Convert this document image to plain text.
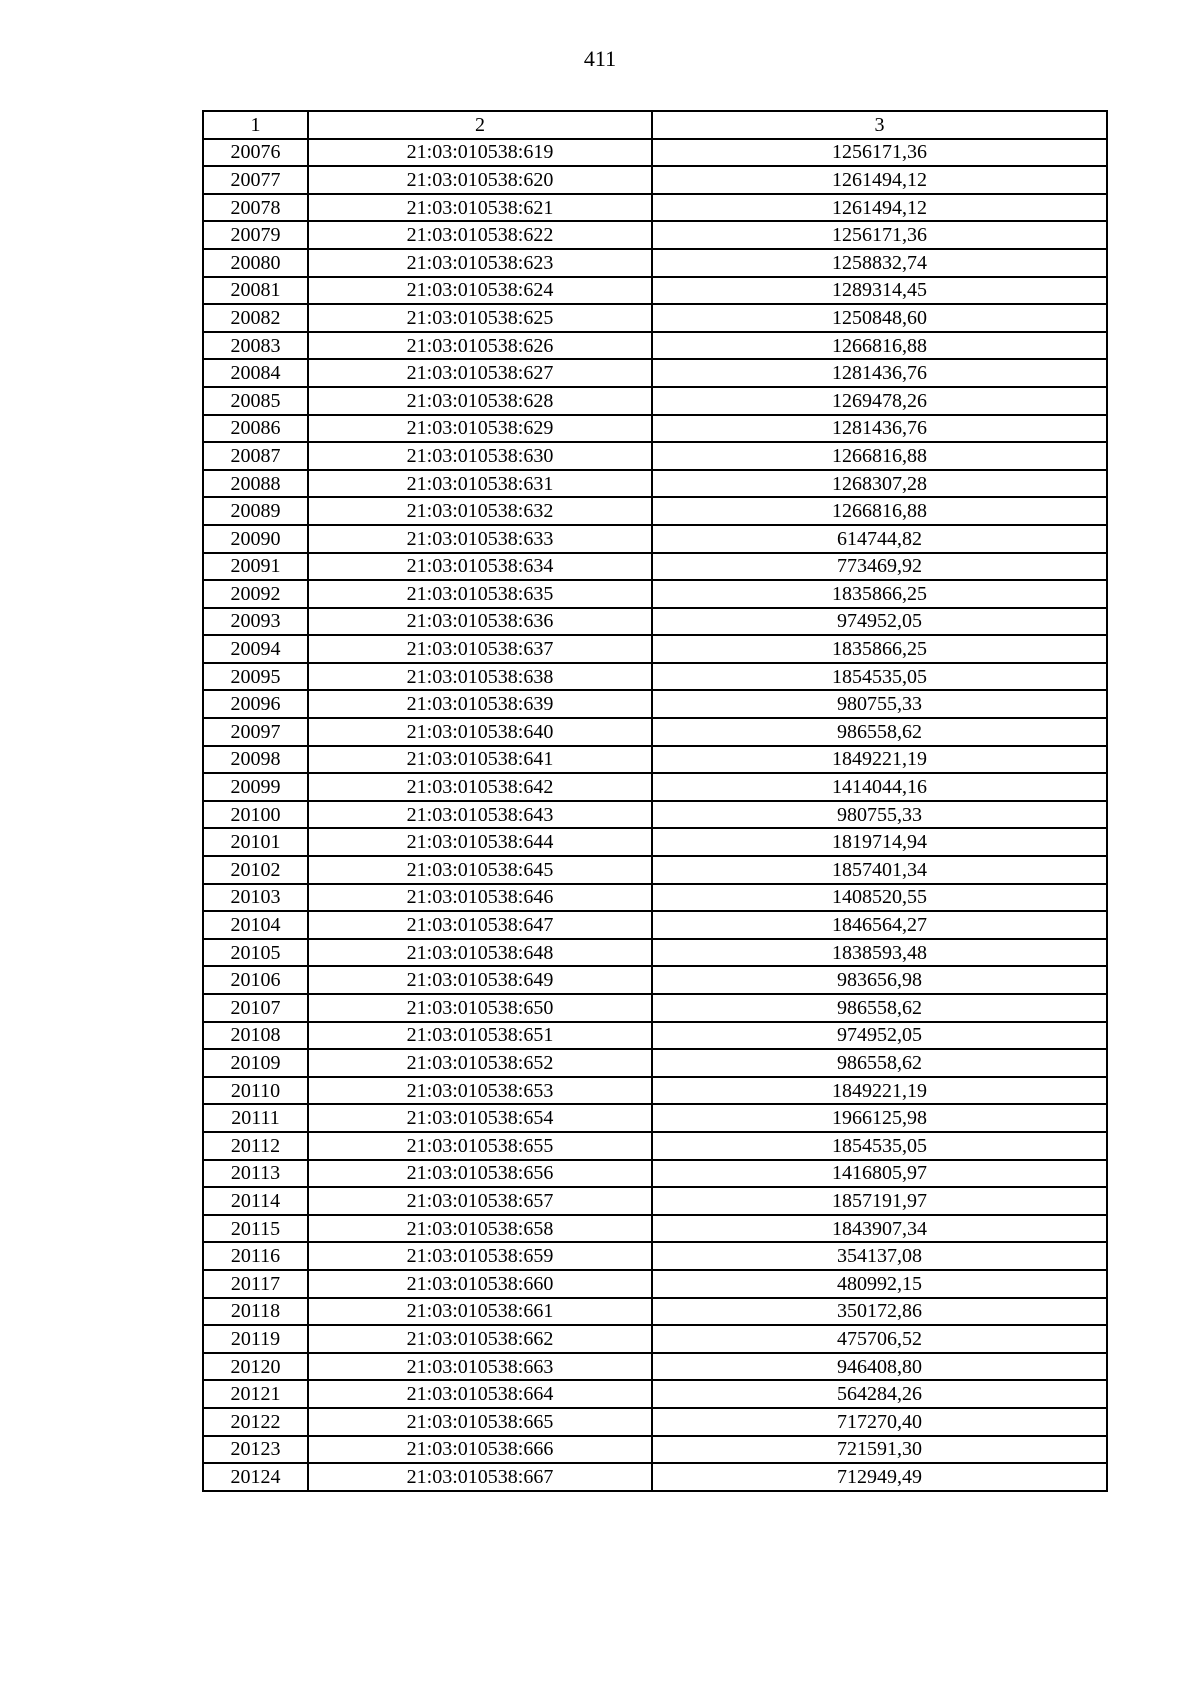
411
1	2	3
20076	21:03:010538:619	1256171,36
20077	21:03:010538:620	1261494,12
20078	21:03:010538:621	1261494,12
20079	21:03:010538:622	1256171,36
20080	21:03:010538:623	1258832,74
20081	21:03:010538:624	1289314,45
20082	21:03:010538:625	1250848,60
20083	21:03:010538:626	1266816,88
20084	21:03:010538:627	1281436,76
20085	21:03:010538:628	1269478,26
20086	21:03:010538:629	1281436,76
20087	21:03:010538:630	1266816,88
20088	21:03:010538:631	1268307,28
20089	21:03:010538:632	1266816,88
20090	21:03:010538:633	614744,82
20091	21:03:010538:634	773469,92
20092	21:03:010538:635	1835866,25
20093	21:03:010538:636	974952,05
20094	21:03:010538:637	1835866,25
20095	21:03:010538:638	1854535,05
20096	21:03:010538:639	980755,33
20097	21:03:010538:640	986558,62
20098	21:03:010538:641	1849221,19
20099	21:03:010538:642	1414044,16
20100	21:03:010538:643	980755,33
20101	21:03:010538:644	1819714,94
20102	21:03:010538:645	1857401,34
20103	21:03:010538:646	1408520,55
20104	21:03:010538:647	1846564,27
20105	21:03:010538:648	1838593,48
20106	21:03:010538:649	983656,98
20107	21:03:010538:650	986558,62
20108	21:03:010538:651	974952,05
20109	21:03:010538:652	986558,62
20110	21:03:010538:653	1849221,19
20111	21:03:010538:654	1966125,98
20112	21:03:010538:655	1854535,05
20113	21:03:010538:656	1416805,97
20114	21:03:010538:657	1857191,97
20115	21:03:010538:658	1843907,34
20116	21:03:010538:659	354137,08
20117	21:03:010538:660	480992,15
20118	21:03:010538:661	350172,86
20119	21:03:010538:662	475706,52
20120	21:03:010538:663	946408,80
20121	21:03:010538:664	564284,26
20122	21:03:010538:665	717270,40
20123	21:03:010538:666	721591,30
20124	21:03:010538:667	712949,49
